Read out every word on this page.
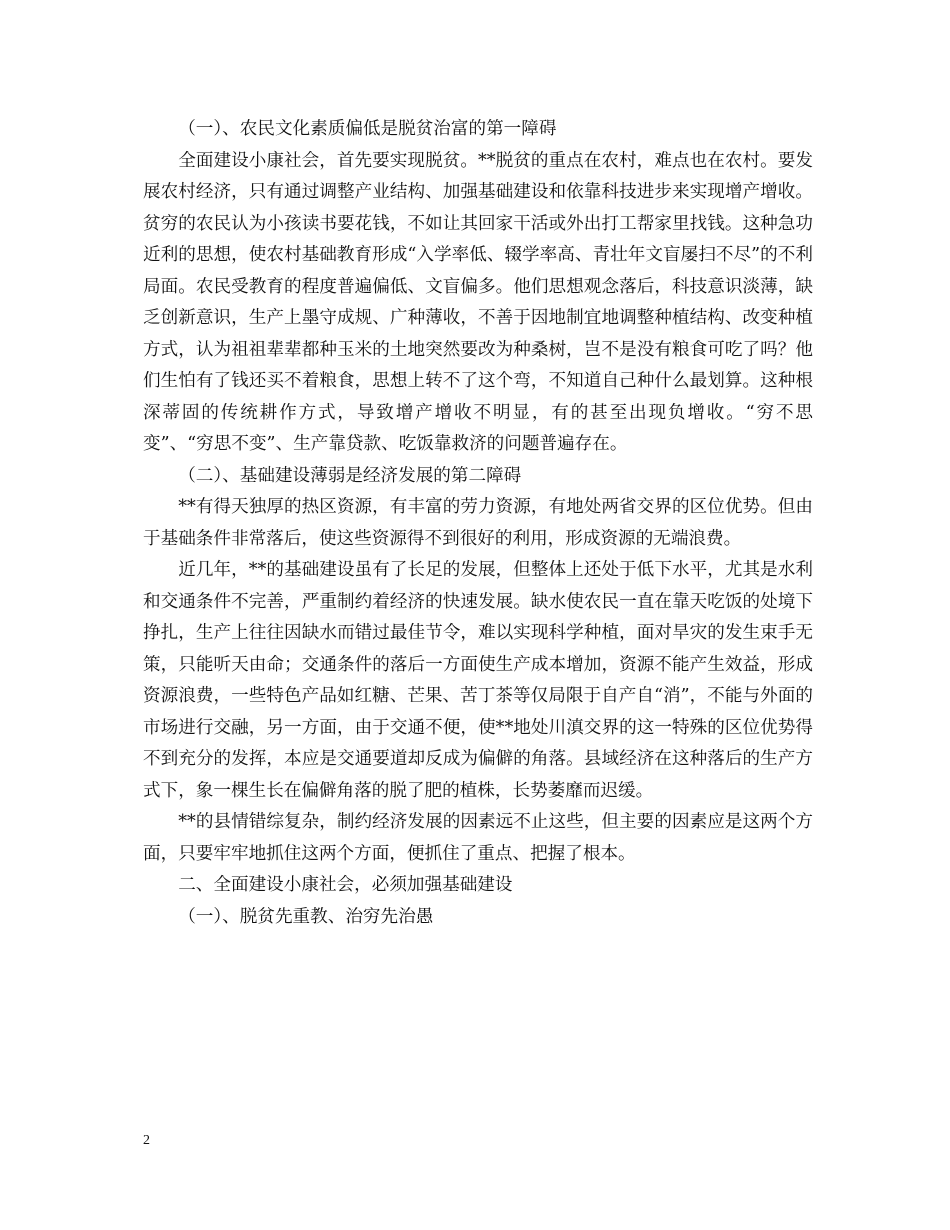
（一）、农民文化素质偏低是脱贫治富的第一障碍

全面建设小康社会，首先要实现脱贫。**脱贫的重点在农村，难点也在农村。要发展农村经济，只有通过调整产业结构、加强基础建设和依靠科技进步来实现增产增收。贫穷的农民认为小孩读书要花钱，不如让其回家干活或外出打工帮家里找钱。这种急功近利的思想，使农村基础教育形成“入学率低、辍学率高、青壮年文盲屡扫不尽”的不利局面。农民受教育的程度普遍偏低、文盲偏多。他们思想观念落后，科技意识淡薄，缺乏创新意识，生产上墨守成规、广种薄收，不善于因地制宜地调整种植结构、改变种植方式，认为祖祖辈辈都种玉米的土地突然要改为种桑树，岂不是没有粮食可吃了吗？他们生怕有了钱还买不着粮食，思想上转不了这个弯，不知道自己种什么最划算。这种根深蒂固的传统耕作方式，导致增产增收不明显，有的甚至出现负增收。“穷不思变”、“穷思不变”、生产靠贷款、吃饭靠救济的问题普遍存在。

（二）、基础建设薄弱是经济发展的第二障碍

**有得天独厚的热区资源，有丰富的劳力资源，有地处两省交界的区位优势。但由于基础条件非常落后，使这些资源得不到很好的利用，形成资源的无端浪费。

近几年，**的基础建设虽有了长足的发展，但整体上还处于低下水平，尤其是水利和交通条件不完善，严重制约着经济的快速发展。缺水使农民一直在靠天吃饭的处境下挣扎，生产上往往因缺水而错过最佳节令，难以实现科学种植，面对旱灾的发生束手无策，只能听天由命；交通条件的落后一方面使生产成本增加，资源不能产生效益，形成资源浪费，一些特色产品如红糖、芒果、苦丁茶等仅局限于自产自“消”，不能与外面的市场进行交融，另一方面，由于交通不便，使**地处川滇交界的这一特殊的区位优势得不到充分的发挥，本应是交通要道却反成为偏僻的角落。县域经济在这种落后的生产方式下，象一棵生长在偏僻角落的脱了肥的植株，长势萎靡而迟缓。

**的县情错综复杂，制约经济发展的因素远不止这些，但主要的因素应是这两个方面，只要牢牢地抓住这两个方面，便抓住了重点、把握了根本。

二、全面建设小康社会，必须加强基础建设

（一）、脱贫先重教、治穷先治愚

2
